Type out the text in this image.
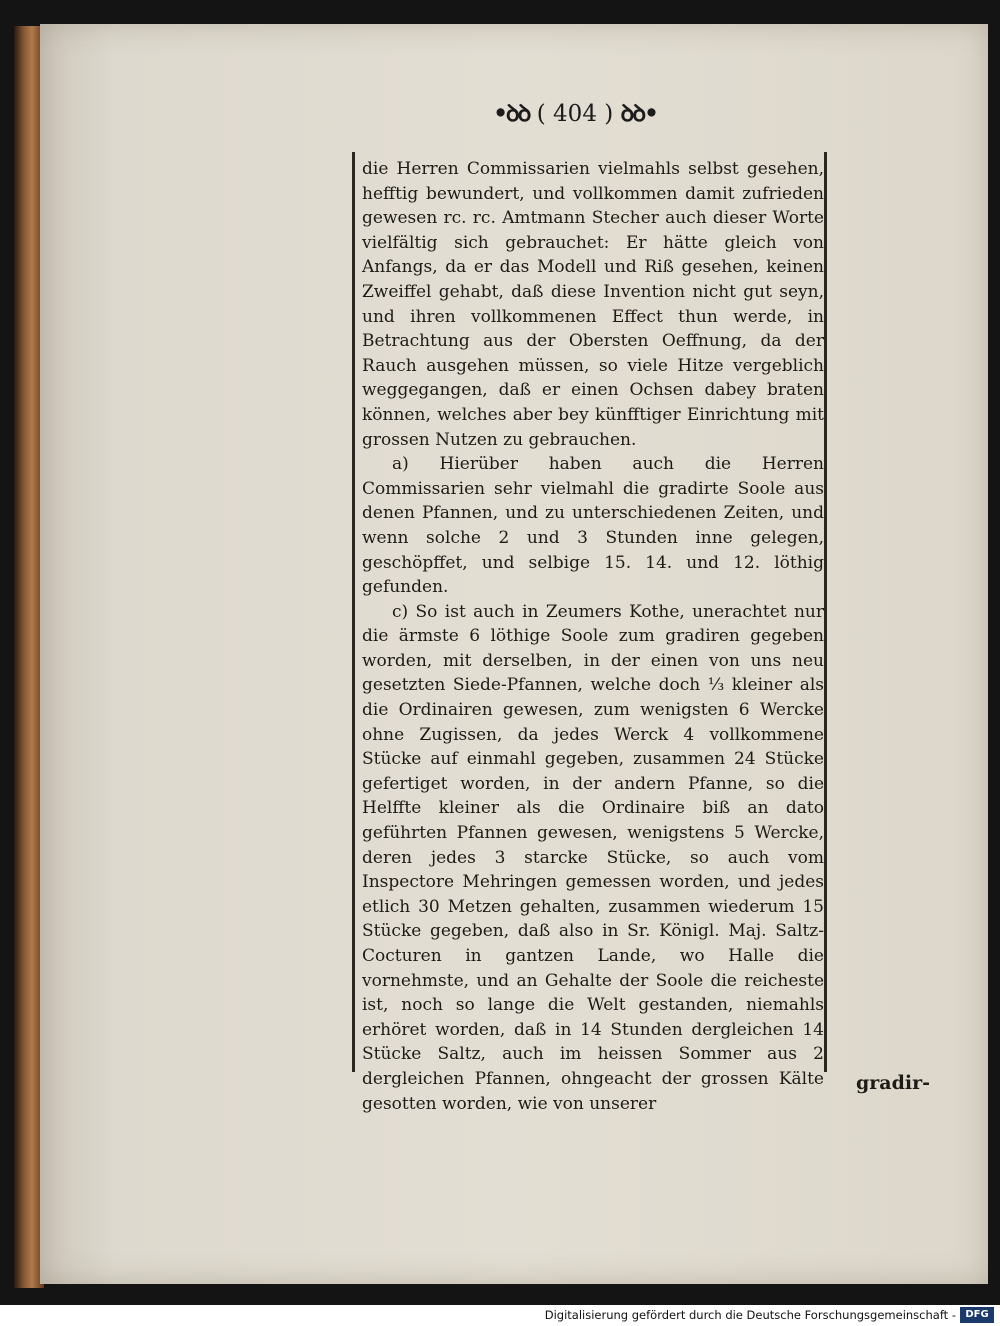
•ꝺꝺ ( 404 ) ꝺꝺ•

die Herren Commissarien vielmahls selbst gesehen, hefftig bewundert, und vollkommen damit zufrieden gewesen rc. rc. Amtmann Stecher auch dieser Worte vielfältig sich gebrauchet: Er hätte gleich von Anfangs, da er das Modell und Riß gesehen, keinen Zweiffel gehabt, daß diese Invention nicht gut seyn, und ihren vollkommenen Effect thun werde, in Betrachtung aus der Obersten Oeffnung, da der Rauch ausgehen müssen, so viele Hitze vergeblich weggegangen, daß er einen Ochsen dabey braten können, welches aber bey künfftiger Einrichtung mit grossen Nutzen zu gebrauchen.

a) Hierüber haben auch die Herren Commissarien sehr vielmahl die gradirte Soole aus denen Pfannen, und zu unterschiedenen Zeiten, und wenn solche 2 und 3 Stunden inne gelegen, geschöpffet, und selbige 15. 14. und 12. löthig gefunden.

c) So ist auch in Zeumers Kothe, unerachtet nur die ärmste 6 löthige Soole zum gradiren gegeben worden, mit derselben, in der einen von uns neu gesetzten Siede-Pfannen, welche doch ⅓ kleiner als die Ordinairen gewesen, zum wenigsten 6 Wercke ohne Zugissen, da jedes Werck 4 vollkommene Stücke auf einmahl gegeben, zusammen 24 Stücke gefertiget worden, in der andern Pfanne, so die Helffte kleiner als die Ordinaire biß an dato geführten Pfannen gewesen, wenigstens 5 Wercke, deren jedes 3 starcke Stücke, so auch vom Inspectore Mehringen gemessen worden, und jedes etlich 30 Metzen gehalten, zusammen wiederum 15 Stücke gegeben, daß also in Sr. Königl. Maj. Saltz-Cocturen in gantzen Lande, wo Halle die vornehmste, und an Gehalte der Soole die reicheste ist, noch so lange die Welt gestanden, niemahls erhöret worden, daß in 14 Stunden dergleichen 14 Stücke Saltz, auch im heissen Sommer aus 2 dergleichen Pfannen, ohngeacht der grossen Kälte gesotten worden, wie von unserer

gradir-
Digitalisierung gefördert durch die Deutsche Forschungsgemeinschaft - DFG
